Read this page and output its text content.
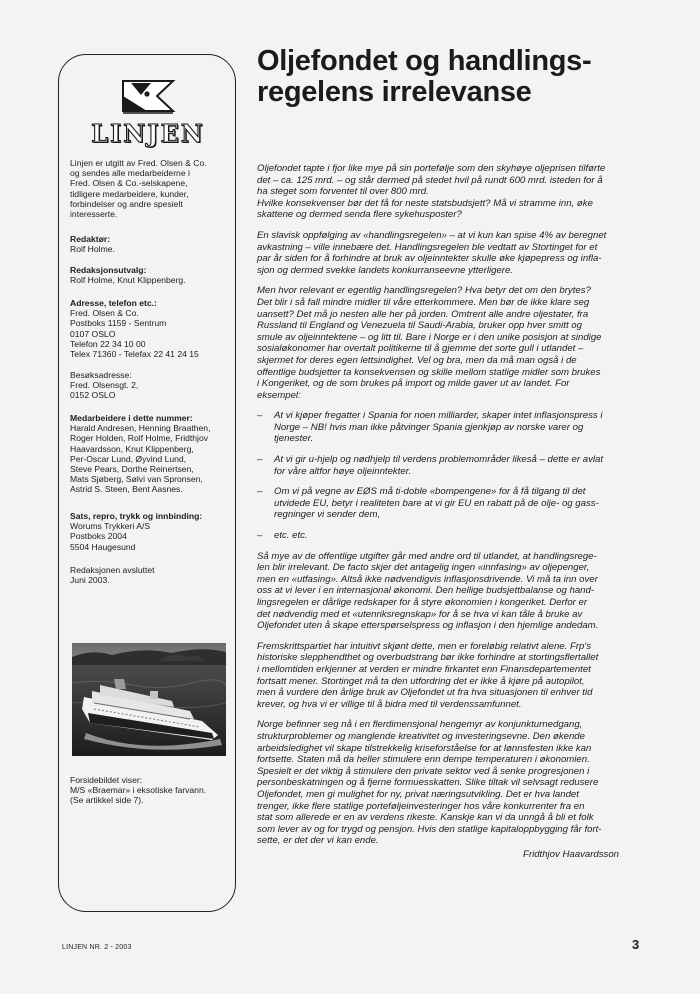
LINJEN
Linjen er utgitt av Fred. Olsen & Co.
og sendes alle medarbeiderne i
Fred. Olsen & Co.-selskapene,
tidligere medarbeidere, kunder,
forbindelser og andre spesielt
interesserte.
Redaktør:
Rolf Holme.
Redaksjonsutvalg:
Rolf Holme, Knut Klippenberg.
Adresse, telefon etc.:
Fred. Olsen & Co.
Postboks 1159 - Sentrum
0107 OSLO
Telefon 22 34 10 00
Telex 71360 - Telefax 22 41 24 15
Besøksadresse:
Fred. Olsensgt. 2,
0152 OSLO
Medarbeidere i dette nummer:
Harald Andresen, Henning Braathen,
Roger Holden, Rolf Holme, Fridthjov
Haavardsson, Knut Klippenberg,
Per-Oscar Lund, Øyvind Lund,
Steve Pears, Dorthe Reinertsen,
Mats Sjøberg, Sølvi van Spronsen,
Astrid S. Steen, Bent Aasnes.
Sats, repro, trykk og innbinding:
Worums Trykkeri A/S
Postboks 2004
5504 Haugesund
Redaksjonen avsluttet
Juni 2003.
Forsidebildet viser:
M/S «Braemar» i eksotiske farvann.
(Se artikkel side 7).
Oljefondet og handlings-
regelens irrelevanse

Oljefondet tapte i fjor like mye på sin portefølje som den skyhøye oljeprisen tilførte
det – ca. 125 mrd. – og står dermed på stedet hvil på rundt 600 mrd. isteden for å
ha steget som forventet til over 800 mrd.
Hvilke konsekvenser bør det få for neste statsbudsjett? Må vi stramme inn, øke
skattene og dermed senda flere sykehusposter?

En slavisk oppfølging av «handlingsregelen» – at vi kun kan spise 4% av beregnet
avkastning – ville innebære det. Handlingsregelen ble vedtatt av Stortinget for et
par år siden for å forhindre at bruk av oljeinntekter skulle øke kjøpepress og infla-
sjon og dermed svekke landets konkurranseevne ytterligere.

Men hvor relevant er egentlig handlingsregelen? Hva betyr det om den brytes?
Det blir i så fall mindre midler til våre etterkommere. Men bør de ikke klare seg
uansett? Det må jo nesten alle her på jorden. Omtrent alle andre oljestater, fra
Russland til England og Venezuela til Saudi-Arabia, bruker opp hver smitt og
smule av oljeinntektene – og litt til. Bare i Norge er i den unike posisjon at sindige
sosialøkonomer har overtalt politikerne til å gjemme det sorte gull i utlandet –
skjermet for deres egen lettsindighet. Vel og bra, men da må man også i de
offentlige budsjetter ta konsekvensen og skille mellom statlige midler som brukes
i Kongeriket, og de som brukes på import og milde gaver ut av landet. For
eksempel:

– At vi kjøper fregatter i Spania for noen milliarder, skaper intet inflasjonspress i
Norge – NB! hvis man ikke påtvinger Spania gjenkjøp av norske varer og
tjenester.
– At vi gir u-hjelp og nødhjelp til verdens problemområder likeså – dette er avlat
for våre altfor høye oljeinntekter.
– Om vi på vegne av EØS må ti-doble «bompengene» for å få tilgang til det
utvidede EU, betyr i realiteten bare at vi gir EU en rabatt på de olje- og gass-
regninger vi sender dem,
– etc. etc.

Så mye av de offentlige utgifter går med andre ord til utlandet, at handlingsrege-
len blir irrelevant. De facto skjer det antagelig ingen «innfasing» av oljepenger,
men en «utfasing». Altså ikke nødvendigvis inflasjonsdrivende. Vi må ta inn over
oss at vi lever i en internasjonal økonomi. Den hellige budsjettbalanse og hand-
lingsregelen er dårlige redskaper for å styre økonomien i kongeriket. Derfor er
det nødvendig med et «utenriksregnskap» for å se hva vi kan tåle å bruke av
Oljefondet uten å skape etterspørselspress og inflasjon i den hjemlige andedam.

Fremskrittspartiet har intuitivt skjønt dette, men er foreløbig relativt alene. Frp's
historiske slepphendthet og overbudstrang bør ikke forhindre at stortingsflertallet
i mellomtiden erkjenner at verden er mindre firkantet enn Finansdepartementet
fortsatt mener. Stortinget må ta den utfordring det er ikke å kjøre på autopilot,
men å vurdere den årlige bruk av Oljefondet ut fra hva situasjonen til enhver tid
krever, og hva vi er villige til å bidra med til verdenssamfunnet.

Norge befinner seg nå i en flerdimensjonal hengemyr av konjunkturnedgang,
strukturproblemer og manglende kreativitet og investeringsevne. Den økende
arbeidsledighet vil skape tilstrekkelig kriseforståelse for at lønnsfesten ikke kan
fortsette. Staten må da heller stimulere enn dempe temperaturen i økonomien.
Spesielt er det viktig å stimulere den private sektor ved å senke progresjonen i
personbeskatningen og å fjerne formuesskatten. Slike tiltak vil selvsagt redusere
Oljefondet, men gi mulighet for ny, privat næringsutvikling. Det er hva landet
trenger, ikke flere statlige porteføljeinvesteringer hos våre konkurrenter fra en
stat som allerede er en av verdens rikeste. Kanskje kan vi da unngå å bli et folk
som lever av og for trygd og pensjon. Hvis den statlige kapitaloppbygging får fort-
sette, er det der vi kan ende.

Fridthjov Haavardsson
LINJEN NR. 2 - 2003	3
